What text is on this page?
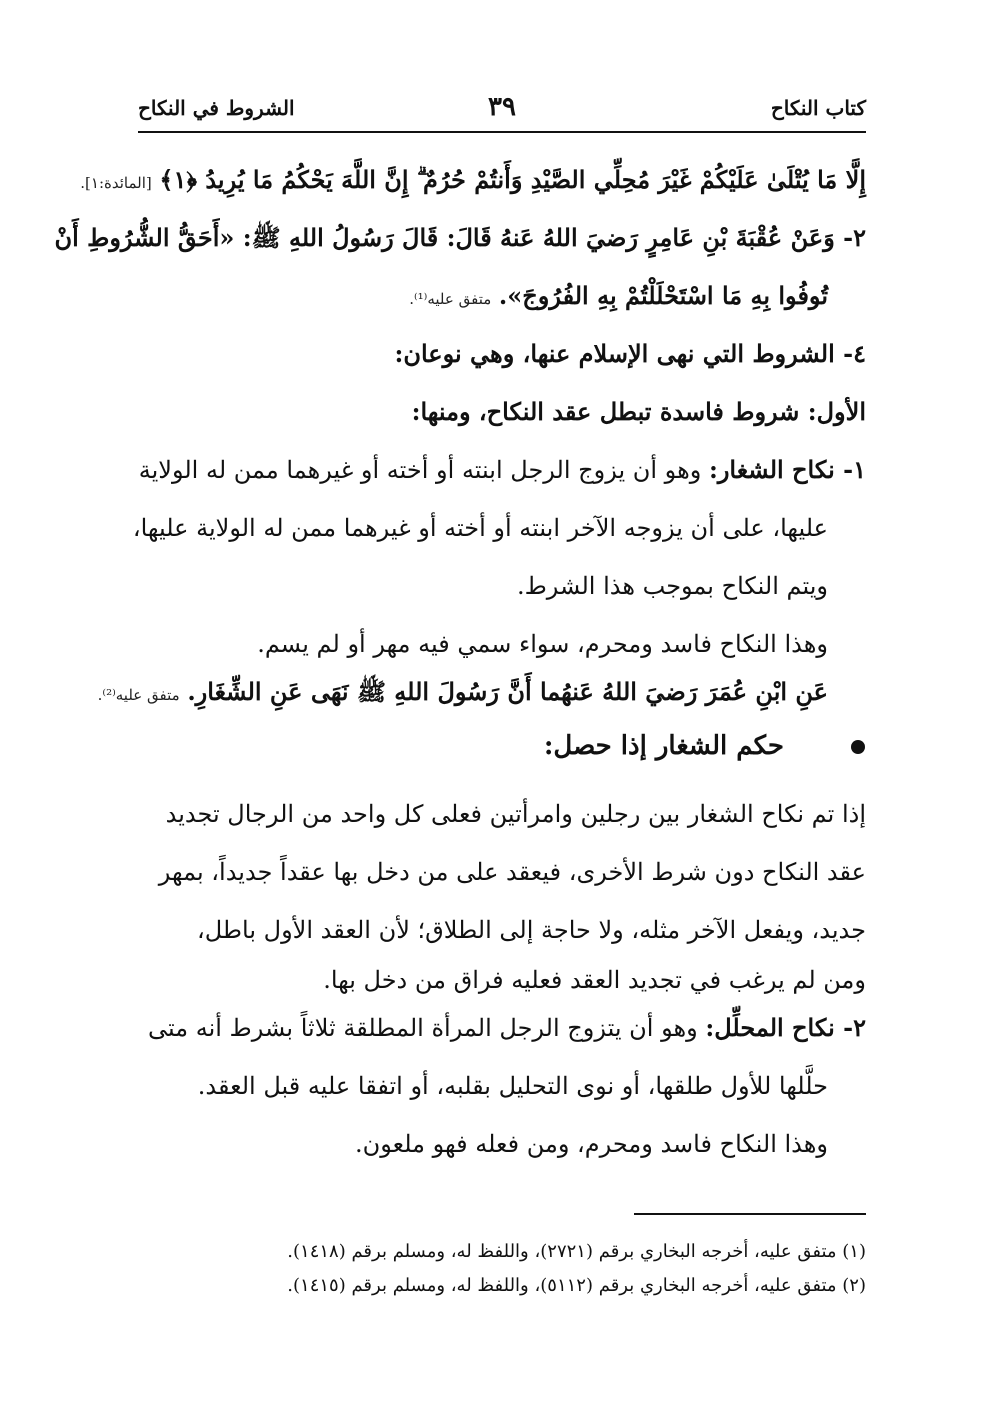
كتاب النكاح
٣٩
الشروط في النكاح
إِلَّا مَا يُتْلَىٰ عَلَيْكُمْ غَيْرَ مُحِلِّي الصَّيْدِ وَأَنتُمْ حُرُمٌ ۗ إِنَّ اللَّهَ يَحْكُمُ مَا يُرِيدُ ﴿١﴾ [المائدة:١].
٢- وَعَنْ عُقْبَةَ بْنِ عَامِرٍ رَضيَ اللهُ عَنهُ قَالَ: قَالَ رَسُولُ اللهِ ﷺ: «أَحَقُّ الشُّرُوطِ أَنْ
تُوفُوا بِهِ مَا اسْتَحْلَلْتُمْ بِهِ الفُرُوجَ». متفق عليه⁽¹⁾.
٤- الشروط التي نهى الإسلام عنها، وهي نوعان:
الأول: شروط فاسدة تبطل عقد النكاح، ومنها:
١- نكاح الشغار: وهو أن يزوج الرجل ابنته أو أخته أو غيرهما ممن له الولاية
عليها، على أن يزوجه الآخر ابنته أو أخته أو غيرهما ممن له الولاية عليها،
ويتم النكاح بموجب هذا الشرط.
وهذا النكاح فاسد ومحرم، سواء سمي فيه مهر أو لم يسم.
عَنِ ابْنِ عُمَرَ رَضيَ اللهُ عَنهُما أَنَّ رَسُولَ اللهِ ﷺ نَهَى عَنِ الشِّغَارِ. متفق عليه⁽²⁾.
حكم الشغار إذا حصل:
إذا تم نكاح الشغار بين رجلين وامرأتين فعلى كل واحد من الرجال تجديد
عقد النكاح دون شرط الأخرى، فيعقد على من دخل بها عقداً جديداً، بمهر
جديد، ويفعل الآخر مثله، ولا حاجة إلى الطلاق؛ لأن العقد الأول باطل،
ومن لم يرغب في تجديد العقد فعليه فراق من دخل بها.
٢- نكاح المحلِّل: وهو أن يتزوج الرجل المرأة المطلقة ثلاثاً بشرط أنه متى
حلَّلها للأول طلقها، أو نوى التحليل بقلبه، أو اتفقا عليه قبل العقد.
وهذا النكاح فاسد ومحرم، ومن فعله فهو ملعون.
(١) متفق عليه، أخرجه البخاري برقم (٢٧٢١)، واللفظ له، ومسلم برقم (١٤١٨).
(٢) متفق عليه، أخرجه البخاري برقم (٥١١٢)، واللفظ له، ومسلم برقم (١٤١٥).
